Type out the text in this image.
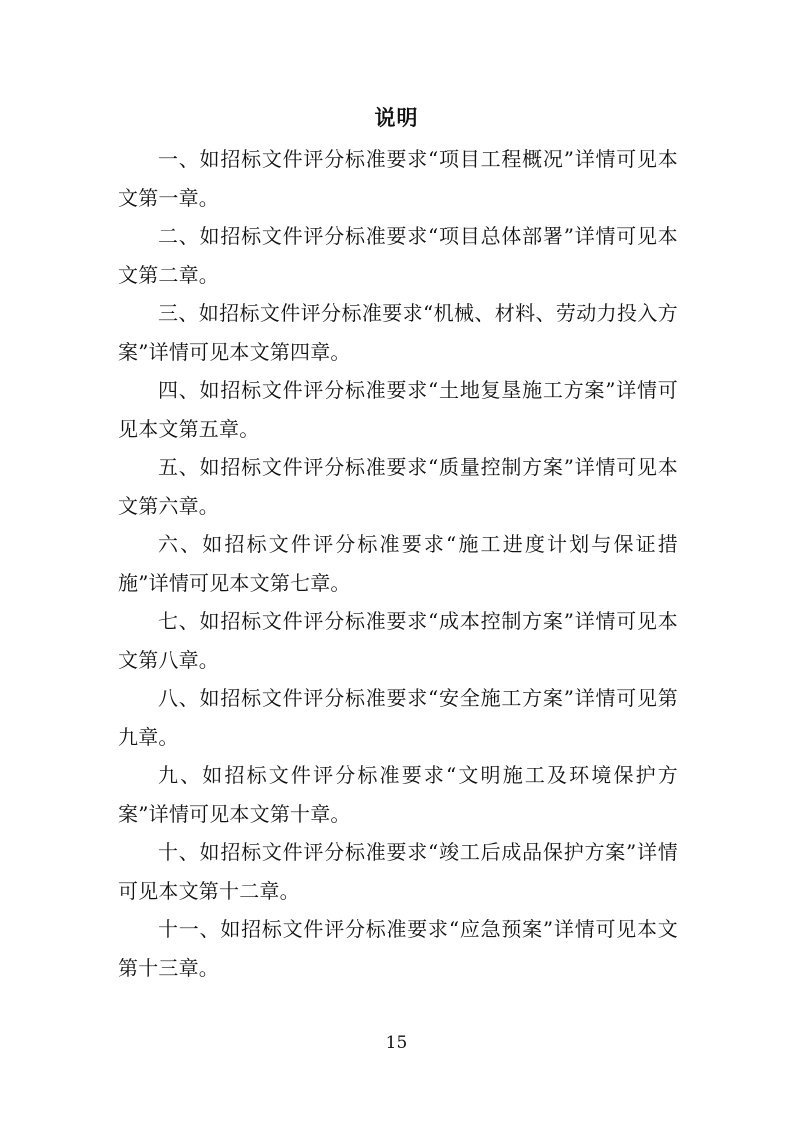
说明

一、如招标文件评分标准要求“项目工程概况”详情可见本文第一章。

二、如招标文件评分标准要求“项目总体部署”详情可见本文第二章。

三、如招标文件评分标准要求“机械、材料、劳动力投入方案”详情可见本文第四章。

四、如招标文件评分标准要求“土地复垦施工方案”详情可见本文第五章。

五、如招标文件评分标准要求“质量控制方案”详情可见本文第六章。

六、如招标文件评分标准要求“施工进度计划与保证措施”详情可见本文第七章。

七、如招标文件评分标准要求“成本控制方案”详情可见本文第八章。

八、如招标文件评分标准要求“安全施工方案”详情可见第九章。

九、如招标文件评分标准要求“文明施工及环境保护方案”详情可见本文第十章。

十、如招标文件评分标准要求“竣工后成品保护方案”详情可见本文第十二章。

十一、如招标文件评分标准要求“应急预案”详情可见本文第十三章。

15
